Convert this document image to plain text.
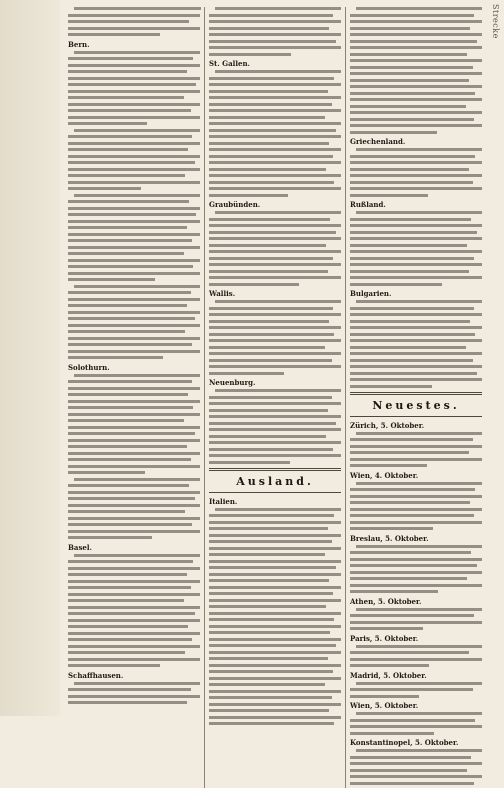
Strecke
Bern.
Solothurn.
Basel.
Schaffhausen.
St. Gallen.
Graubünden.
Wallis.
Neuenburg.
Ausland.
Italien.
Griechenland.
Rußland.
Bulgarien.
Neuestes.
Zürich, 5. Oktober.
Wien, 4. Oktober.
Breslau, 5. Oktober.
Athen, 5. Oktober.
Paris, 5. Oktober.
Madrid, 5. Oktober.
Wien, 5. Oktober.
Konstantinopel, 5. Oktober.
